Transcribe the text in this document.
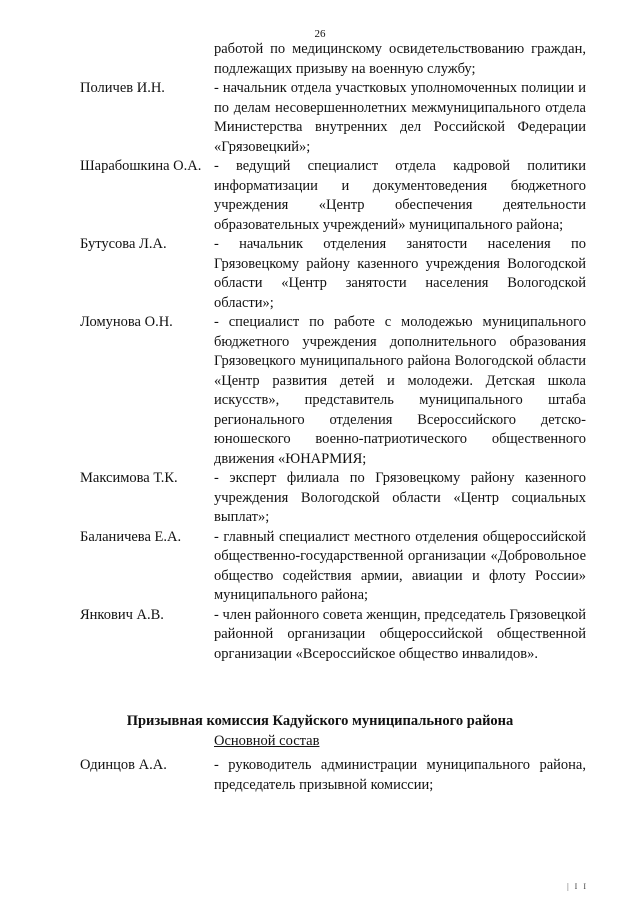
26
работой по медицинскому освидетельствованию граждан, подлежащих призыву на военную службу;
Поличев И.Н.	- начальник отдела участковых уполномоченных полиции и по делам несовершеннолетних межмуниципального отдела Министерства внутренних дел Российской Федерации «Грязовецкий»;
Шарабошкина О.А. - ведущий специалист отдела кадровой политики информатизации и документоведения бюджетного учреждения «Центр обеспечения деятельности образовательных учреждений» муниципального района;
Бутусова Л.А.	- начальник отделения занятости населения по Грязовецкому району казенного учреждения Вологодской области «Центр занятости населения Вологодской области»;
Ломунова О.Н.	- специалист по работе с молодежью муниципального бюджетного учреждения дополнительного образования Грязовецкого муниципального района Вологодской области «Центр развития детей и молодежи. Детская школа искусств», представитель муниципального штаба регионального отделения Всероссийского детско-юношеского военно-патриотического общественного движения «ЮНАРМИЯ;
Максимова Т.К.	- эксперт филиала по Грязовецкому району казенного учреждения Вологодской области «Центр социальных выплат»;
Баланичева Е.А. - главный специалист местного отделения общероссийской общественно-государственной организации «Добровольное общество содействия армии, авиации и флоту России» муниципального района;
Янкович А.В.	- член районного совета женщин, председатель Грязовецкой районной организации общероссийской общественной организации «Всероссийское общество инвалидов».
Призывная комиссия Кадуйского муниципального района
Основной состав
Одинцов А.А.	- руководитель администрации муниципального района, председатель призывной комиссии;
| I I
